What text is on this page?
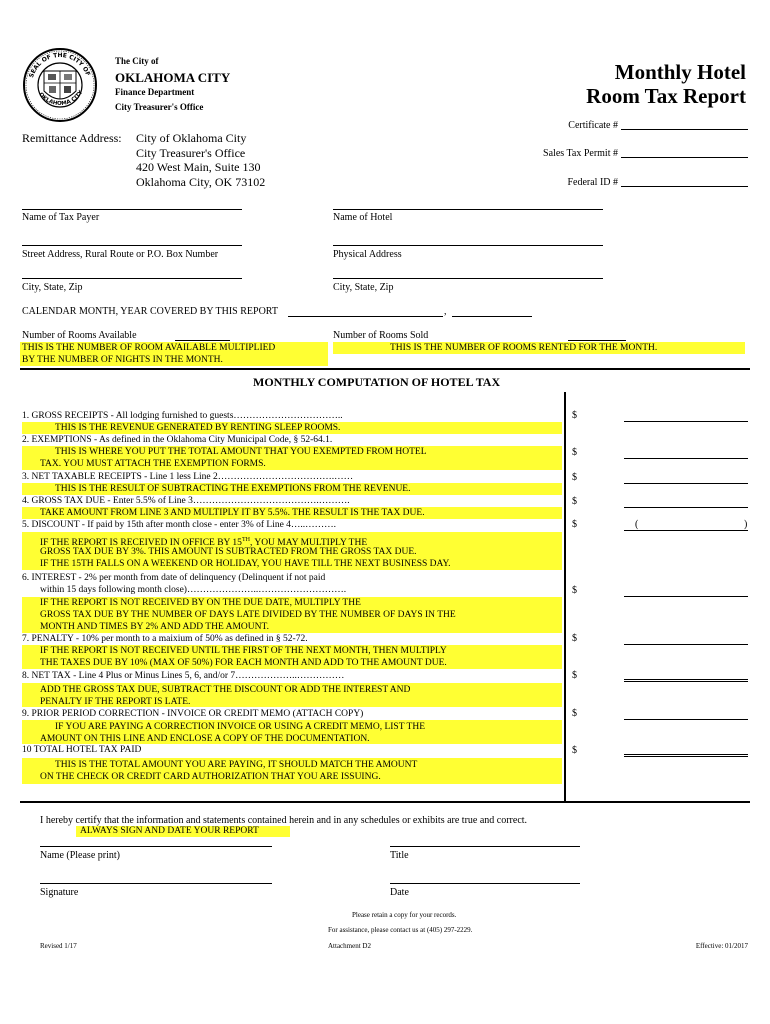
SEAL OF THE CITY OF
OKLAHOMA CITY
The City of
OKLAHOMA CITY
Finance Department
City Treasurer's Office
Monthly Hotel
Room Tax Report
Certificate #
Sales Tax Permit #
Federal ID #
Remittance Address: City of Oklahoma City
City Treasurer's Office
420 West Main, Suite 130
Oklahoma City, OK 73102
Name of Tax Payer	Name of Hotel
Street Address, Rural Route or P.O. Box Number	Physical Address
City, State, Zip	City, State, Zip
CALENDAR MONTH, YEAR COVERED BY THIS REPORT	,
Number of Rooms Available	Number of Rooms Sold
THIS IS THE NUMBER OF ROOM AVAILABLE MULTIPLIED
BY THE NUMBER OF NIGHTS IN THE MONTH.
THIS IS THE NUMBER OF ROOMS RENTED FOR THE MONTH.
MONTHLY COMPUTATION OF HOTEL TAX
1. GROSS RECEIPTS - All lodging furnished to guests……………………………..	$
THIS IS THE REVENUE GENERATED BY RENTING SLEEP ROOMS.
2. EXEMPTIONS - As defined in the Oklahoma City Municipal Code, § 52-64.1.
THIS IS WHERE YOU PUT THE TOTAL AMOUNT THAT YOU EXEMPTED FROM HOTEL
TAX. YOU MUST ATTACH THE EXEMPTION FORMS.
$
3. NET TAXABLE RECEIPTS - Line 1 less Line 2……………………………….……	$
THIS IS THE RESULT OF SUBTRACTING THE EXEMPTIONS FROM THE REVENUE.
4. GROSS TAX DUE - Enter 5.5% of Line 3………………………………….……….	$
TAKE AMOUNT FROM LINE 3 AND MULTIPLY IT BY 5.5%. THE RESULT IS THE TAX DUE.
5. DISCOUNT - If paid by 15th after month close - enter 3% of Line 4…..……….	$	(	)
IF THE REPORT IS RECEIVED IN OFFICE BY 15TH, YOU MAY MULTIPLY THE
GROSS TAX DUE BY 3%. THIS AMOUNT IS SUBTRACTED FROM THE GROSS TAX DUE.
IF THE 15TH FALLS ON A WEEKEND OR HOLIDAY, YOU HAVE TILL THE NEXT BUSINESS DAY.
6. INTEREST - 2% per month from date of delinquency (Delinquent if not paid
within 15 days following month close)…………………..……………………….	$
IF THE REPORT IS NOT RECEIVED BY ON THE DUE DATE, MULTIPLY THE
GROSS TAX DUE BY THE NUMBER OF DAYS LATE DIVIDED BY THE NUMBER OF DAYS IN THE
MONTH AND TIMES BY 2% AND ADD THE AMOUNT.
7. PENALTY - 10% per month to a maixium of 50% as defined in § 52-72.	$
IF THE REPORT IS NOT RECEIVED UNTIL THE FIRST OF THE NEXT MONTH, THEN MULTIPLY
THE TAXES DUE BY 10% (MAX OF 50%) FOR EACH MONTH AND ADD TO THE AMOUNT DUE.
8. NET TAX - Line 4 Plus or Minus Lines 5, 6, and/or 7………………..……………	$
ADD THE GROSS TAX DUE, SUBTRACT THE DISCOUNT OR ADD THE INTEREST AND
PENALTY IF THE REPORT IS LATE.
9. PRIOR PERIOD CORRECTION - INVOICE OR CREDIT MEMO (ATTACH COPY)	$
IF YOU ARE PAYING A CORRECTION INVOICE OR USING A CREDIT MEMO, LIST THE
AMOUNT ON THIS LINE AND ENCLOSE A COPY OF THE DOCUMENTATION.
10 TOTAL HOTEL TAX PAID	$
THIS IS THE TOTAL AMOUNT YOU ARE PAYING, IT SHOULD MATCH THE AMOUNT
ON THE CHECK OR CREDIT CARD AUTHORIZATION THAT YOU ARE ISSUING.
I hereby certify that the information and statements contained herein and in any schedules or exhibits are true and correct.
ALWAYS SIGN AND DATE YOUR REPORT
Name (Please print)	Title
Signature	Date
Please retain a copy for your records.
For assistance, please contact us at (405) 297-2229.
Revised 1/17	Attachment D2	Effective: 01/2017
